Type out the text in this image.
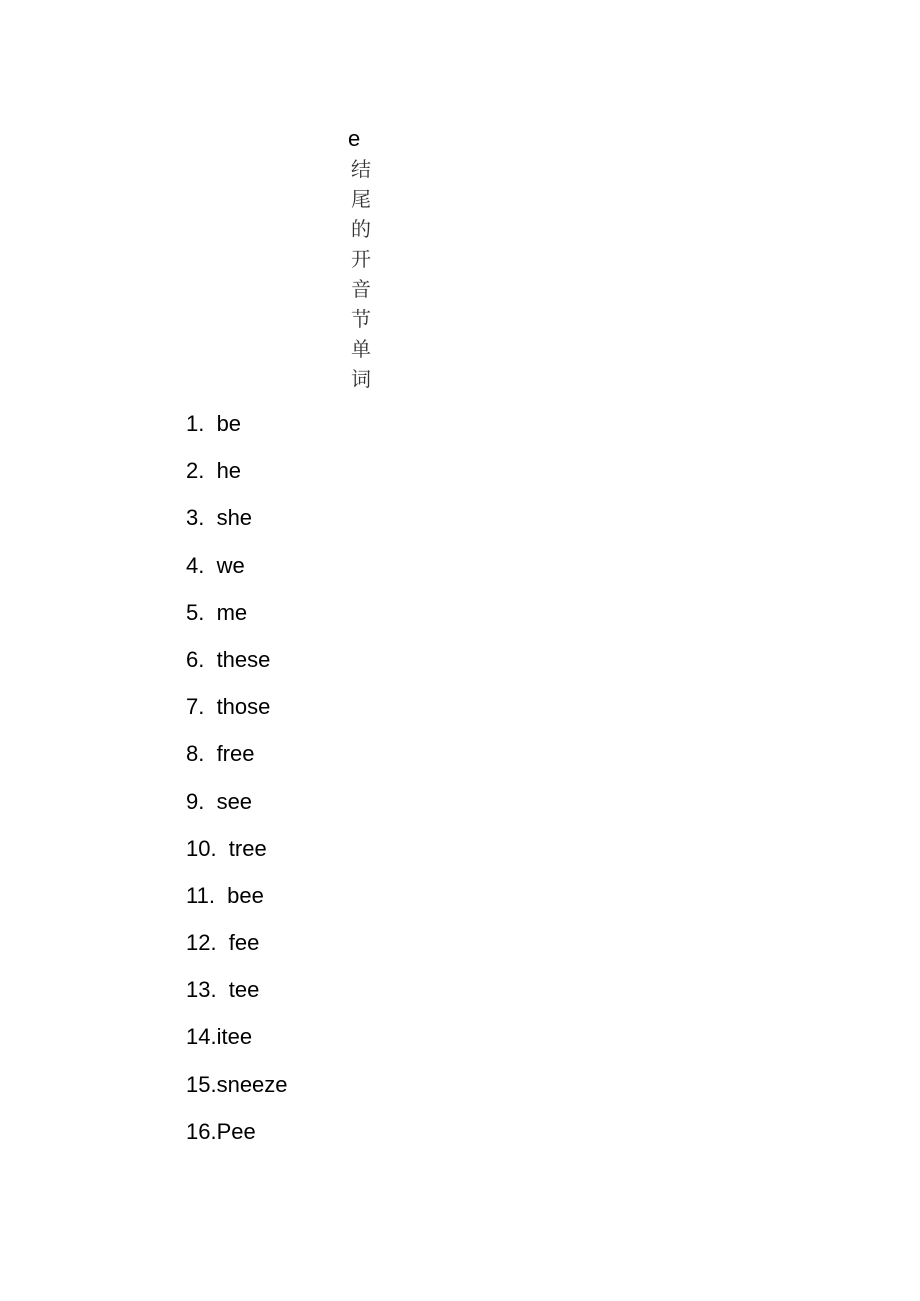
e
结
尾
的
开
音
节
单
词
1.  be
2.  he
3.  she
4.  we
5.  me
6.  these
7.  those
8.  free
9.  see
10.  tree
11.  bee
12.  fee
13.  tee
14.itee
15.sneeze
16.Pee
